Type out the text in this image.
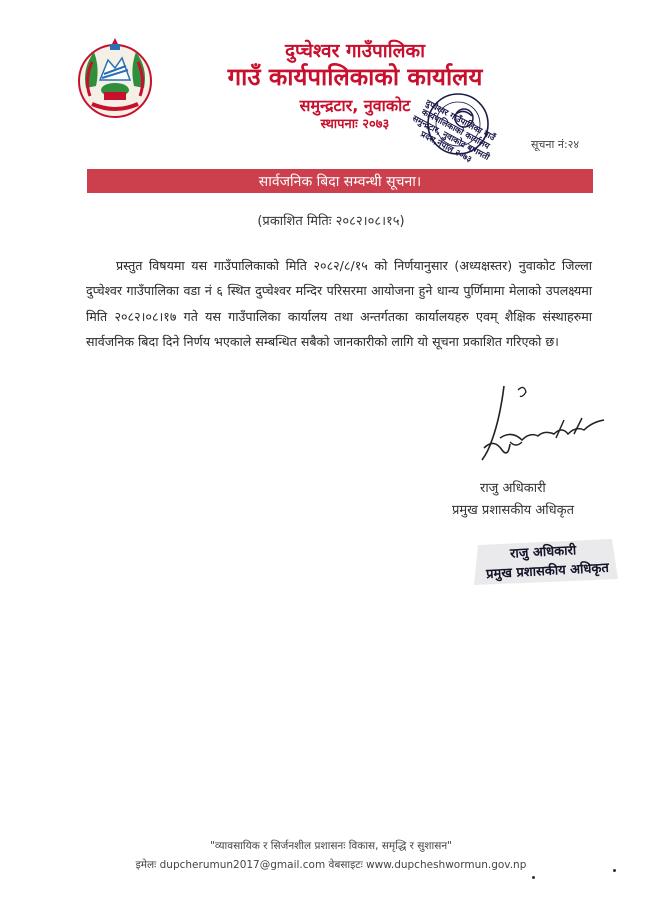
दुप्चेश्वर गाउँपालिका
गाउँ कार्यपालिकाको कार्यालय
समुन्द्रटार, नुवाकोट
स्थापनाः २०७३	दुप्चेश्वर गाउँपालिका गाउँ कार्यपालिकाको कार्यालय समुन्द्रटार, नुवाकोट बागमती प्रदेश,नेपाल २०७३	सूचना नं:२४
सार्वजनिक बिदा सम्वन्धी सूचना।
(प्रकाशित मितिः २०८२।०८।१५)
प्रस्तुत विषयमा यस गाउँपालिकाको मिति २०८२/८/१५ को निर्णयानुसार (अध्यक्षस्तर) नुवाकोट जिल्ला दुप्चेश्वर गाउँपालिका वडा नं ६ स्थित दुप्चेश्वर मन्दिर परिसरमा आयोजना हुने धान्य पुर्णिमामा मेलाको उपलक्ष्यमा मिति २०८२।०८।१७ गते यस गाउँपालिका कार्यालय तथा अन्तर्गतका कार्यालयहरु एवम् शैक्षिक संस्थाहरुमा सार्वजनिक बिदा दिने निर्णय भएकाले सम्बन्धित सबैको जानकारीको लागि यो सूचना प्रकाशित गरिएको छ।
राजु अधिकारी
प्रमुख प्रशासकीय अधिकृत
राजु अधिकारी
प्रमुख प्रशासकीय अधिकृत
"व्यावसायिक र सिर्जनशील प्रशासनः विकास, समृद्धि र सुशासन"
इमेलः dupcherumun2017@gmail.com वेबसाइटः www.dupcheshwormun.gov.np
